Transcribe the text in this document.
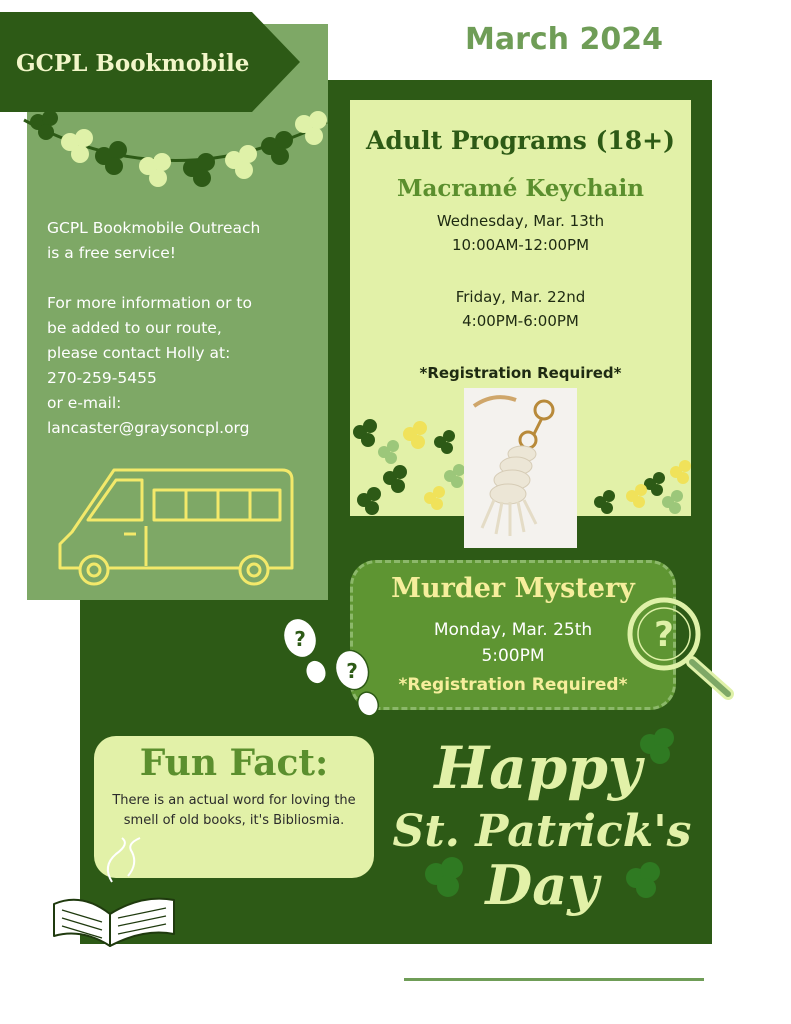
March 2024
GCPL Bookmobile

GCPL Bookmobile Outreach
is a free service!

For more information or to
be added to our route,
please contact Holly at:
270-259-5455
or e-mail:
lancaster@graysoncpl.org

Adult Programs (18+)
Macramé Keychain
Wednesday, Mar. 13th
10:00AM-12:00PM
Friday, Mar. 22nd
4:00PM-6:00PM
*Registration Required*
Murder Mystery
Monday, Mar. 25th
5:00PM
*Registration Required*
?
?
?
Fun Fact:
There is an actual word for loving the smell of old books, it's Bibliosmia.
Happy
St. Patrick's
Day
